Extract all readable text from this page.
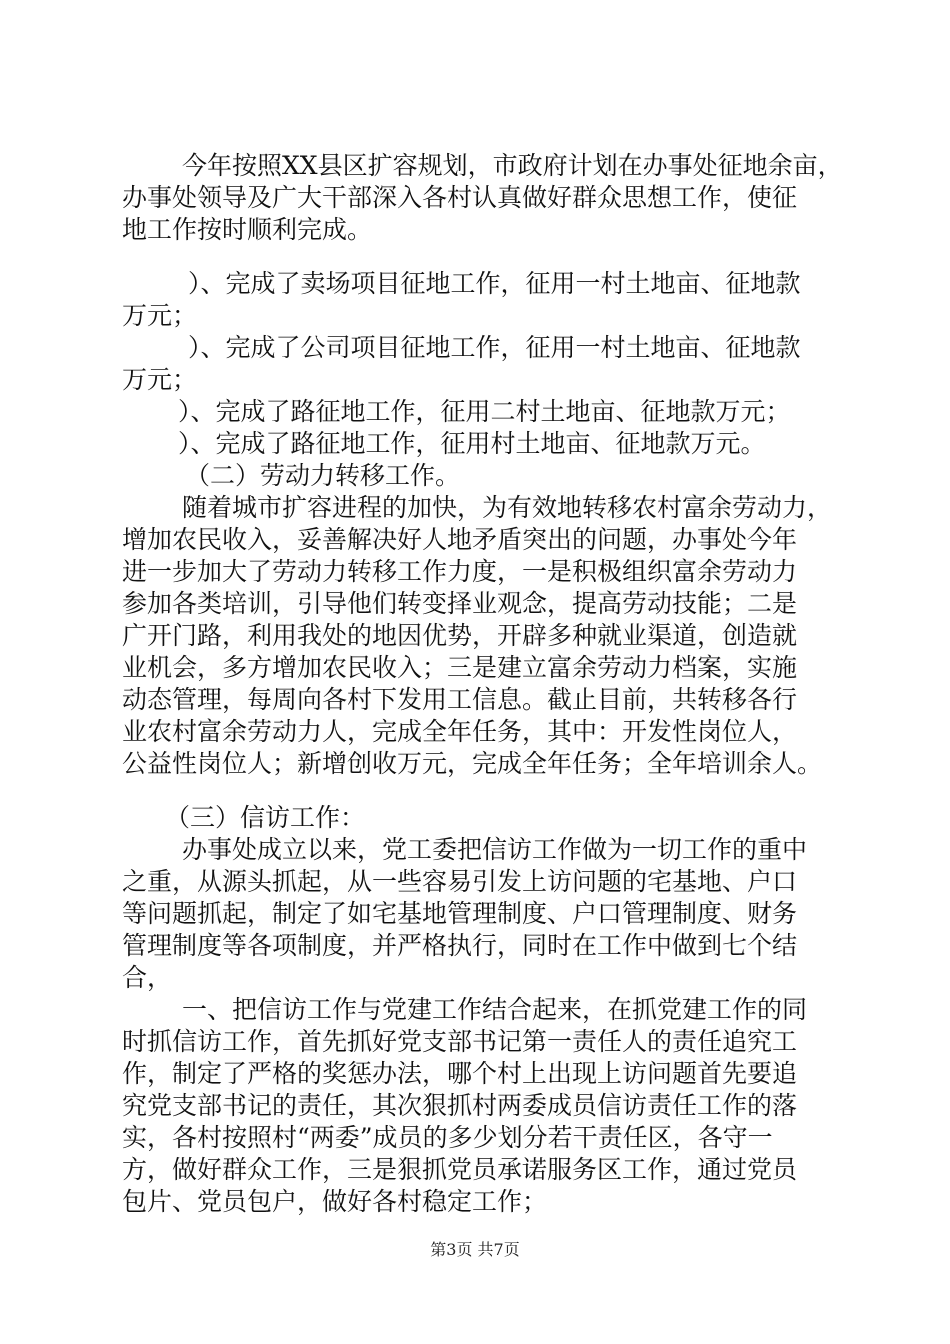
今年按照XX县区扩容规划，市政府计划在办事处征地余亩，
办事处领导及广大干部深入各村认真做好群众思想工作，使征
地工作按时顺利完成。
）、完成了卖场项目征地工作，征用一村土地亩、征地款
万元；
）、完成了公司项目征地工作，征用一村土地亩、征地款
万元；
）、完成了路征地工作，征用二村土地亩、征地款万元；
）、完成了路征地工作，征用村土地亩、征地款万元。
（二）劳动力转移工作。
随着城市扩容进程的加快，为有效地转移农村富余劳动力，
增加农民收入，妥善解决好人地矛盾突出的问题，办事处今年
进一步加大了劳动力转移工作力度，一是积极组织富余劳动力
参加各类培训，引导他们转变择业观念，提高劳动技能；二是
广开门路，利用我处的地因优势，开辟多种就业渠道，创造就
业机会，多方增加农民收入；三是建立富余劳动力档案，实施
动态管理，每周向各村下发用工信息。截止目前，共转移各行
业农村富余劳动力人，完成全年任务，其中：开发性岗位人，
公益性岗位人；新增创收万元，完成全年任务；全年培训余人。
（三）信访工作：
办事处成立以来，党工委把信访工作做为一切工作的重中
之重，从源头抓起，从一些容易引发上访问题的宅基地、户口
等问题抓起，制定了如宅基地管理制度、户口管理制度、财务
管理制度等各项制度，并严格执行，同时在工作中做到七个结
合，
一、把信访工作与党建工作结合起来，在抓党建工作的同
时抓信访工作，首先抓好党支部书记第一责任人的责任追究工
作，制定了严格的奖惩办法，哪个村上出现上访问题首先要追
究党支部书记的责任，其次狠抓村两委成员信访责任工作的落
实，各村按照村“两委”成员的多少划分若干责任区，各守一
方，做好群众工作，三是狠抓党员承诺服务区工作，通过党员
包片、党员包户，做好各村稳定工作；
第3页 共7页
